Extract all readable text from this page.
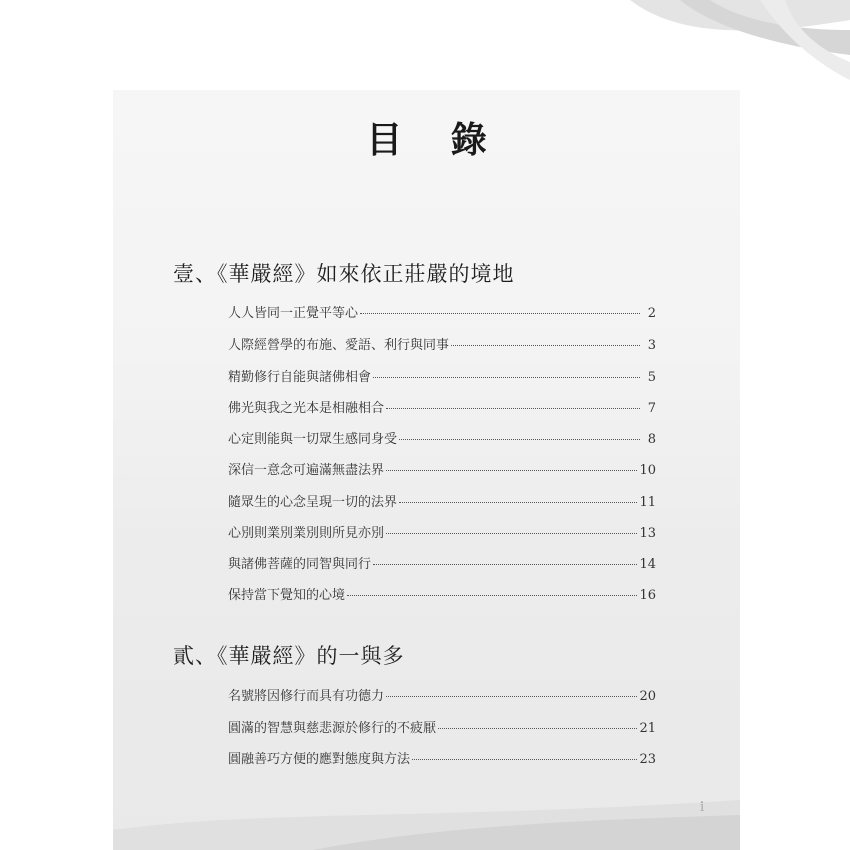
目 錄
壹、《華嚴經》如來依正莊嚴的境地
人人皆同一正覺平等心	2
人際經營學的布施、愛語、利行與同事	3
精勤修行自能與諸佛相會	5
佛光與我之光本是相融相合	7
心定則能與一切眾生感同身受	8
深信一意念可遍滿無盡法界	10
隨眾生的心念呈現一切的法界	11
心別則業別業別則所見亦別	13
與諸佛菩薩的同智與同行	14
保持當下覺知的心境	16
貳、《華嚴經》的一與多
名號將因修行而具有功德力	20
圓滿的智慧與慈悲源於修行的不疲厭	21
圓融善巧方便的應對態度與方法	23
